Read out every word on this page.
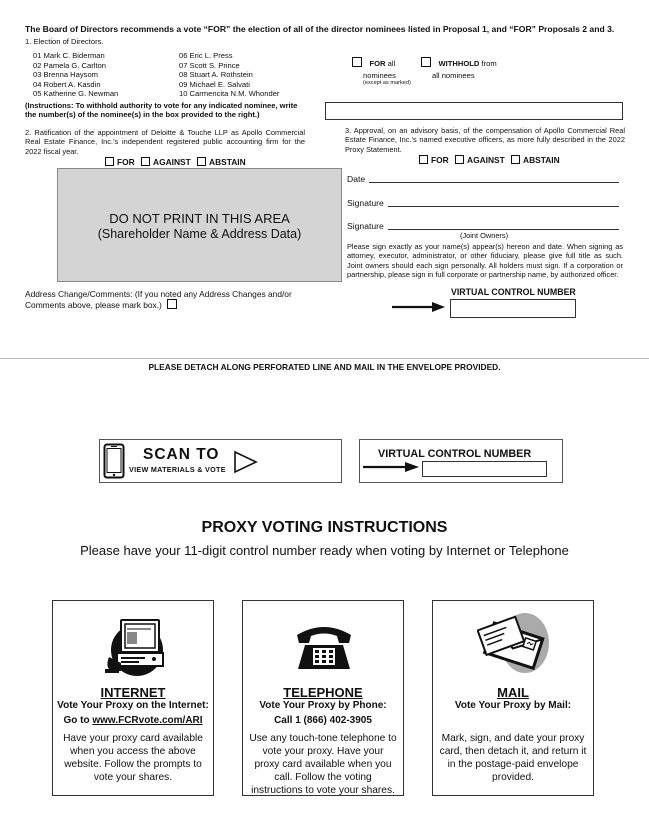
The Board of Directors recommends a vote “FOR” the election of all of the director nominees listed in Proposal 1, and “FOR” Proposals 2 and 3.
1. Election of Directors.
01 Mark C. Biderman
02 Pamela G. Carlton
03 Brenna Haysom
04 Robert A. Kasdin
05 Katherine G. Newman
06 Eric L. Press
07 Scott S. Prince
08 Stuart A. Rothstein
09 Michael E. Salvati
10 Carmencita N.M. Whonder
FOR all
nominees
(except as marked)
WITHHOLD from
all nominees
(Instructions: To withhold authority to vote for any indicated nominee, write the number(s) of the nominee(s) in the box provided to the right.)
2. Ratification of the appointment of Deloitte & Touche LLP as Apollo Commercial Real Estate Finance, Inc.’s independent registered public accounting firm for the 2022 fiscal year.
FOR AGAINST ABSTAIN
3. Approval, on an advisory basis, of the compensation of Apollo Commercial Real Estate Finance, Inc.’s named executive officers, as more fully described in the 2022 Proxy Statement.
FOR AGAINST ABSTAIN
DO NOT PRINT IN THIS AREA
(Shareholder Name & Address Data)
Date
Signature
Signature
(Joint Owners)
Please sign exactly as your name(s) appear(s) hereon and date. When signing as attorney, executor, administrator, or other fiduciary, please give full title as such. Joint owners should each sign personally. All holders must sign. If a corporation or partnership, please sign in full corporate or partnership name, by authorized officer.
Address Change/Comments: (If you noted any Address Changes and/or Comments above, please mark box.)
VIRTUAL CONTROL NUMBER
PLEASE DETACH ALONG PERFORATED LINE AND MAIL IN THE ENVELOPE PROVIDED.
SCAN TO
VIEW MATERIALS & VOTE
VIRTUAL CONTROL NUMBER
PROXY VOTING INSTRUCTIONS
Please have your 11-digit control number ready when voting by Internet or Telephone
INTERNET
Vote Your Proxy on the Internet:
Go to www.FCRvote.com/ARI
Have your proxy card available when you access the above website. Follow the prompts to vote your shares.
TELEPHONE
Vote Your Proxy by Phone:
Call 1 (866) 402-3905
Use any touch-tone telephone to vote your proxy. Have your proxy card available when you call. Follow the voting instructions to vote your shares.
MAIL
Vote Your Proxy by Mail:
Mark, sign, and date your proxy card, then detach it, and return it in the postage-paid envelope provided.
